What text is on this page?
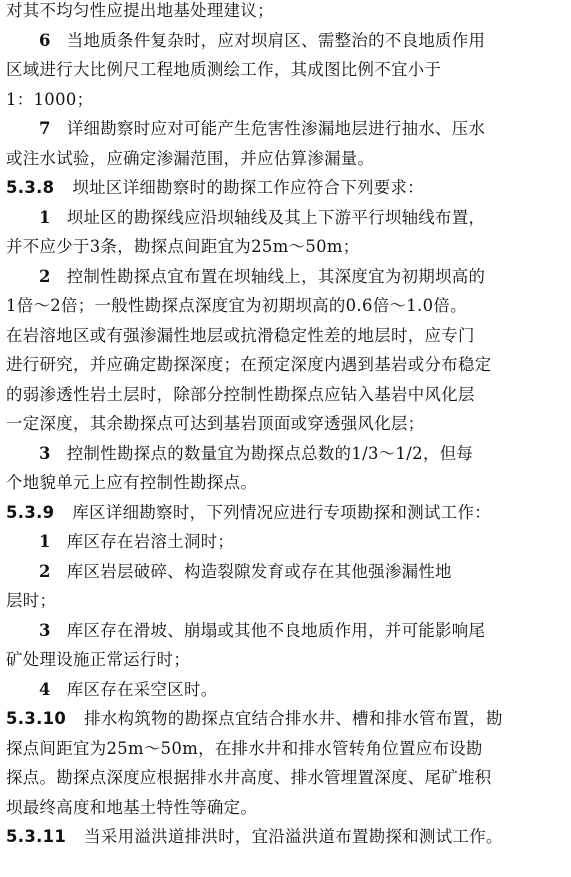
对其不均匀性应提出地基处理建议；
6 当地质条件复杂时，应对坝肩区、需整治的不良地质作用
区域进行大比例尺工程地质测绘工作，其成图比例不宜小于
1：1000；
7 详细勘察时应对可能产生危害性渗漏地层进行抽水、压水
或注水试验，应确定渗漏范围，并应估算渗漏量。
5.3.8 坝址区详细勘察时的勘探工作应符合下列要求：
1 坝址区的勘探线应沿坝轴线及其上下游平行坝轴线布置，
并不应少于3条，勘探点间距宜为25m～50m；
2 控制性勘探点宜布置在坝轴线上，其深度宜为初期坝高的
1倍～2倍；一般性勘探点深度宜为初期坝高的0.6倍～1.0倍。
在岩溶地区或有强渗漏性地层或抗滑稳定性差的地层时，应专门
进行研究，并应确定勘探深度；在预定深度内遇到基岩或分布稳定
的弱渗透性岩土层时，除部分控制性勘探点应钻入基岩中风化层
一定深度，其余勘探点可达到基岩顶面或穿透强风化层；
3 控制性勘探点的数量宜为勘探点总数的1/3～1/2，但每
个地貌单元上应有控制性勘探点。
5.3.9 库区详细勘察时，下列情况应进行专项勘探和测试工作：
1 库区存在岩溶土洞时；
2 库区岩层破碎、构造裂隙发育或存在其他强渗漏性地
层时；
3 库区存在滑坡、崩塌或其他不良地质作用，并可能影响尾
矿处理设施正常运行时；
4 库区存在采空区时。
5.3.10 排水构筑物的勘探点宜结合排水井、槽和排水管布置，勘
探点间距宜为25m～50m，在排水井和排水管转角位置应布设勘
探点。勘探点深度应根据排水井高度、排水管埋置深度、尾矿堆积
坝最终高度和地基土特性等确定。
5.3.11 当采用溢洪道排洪时，宜沿溢洪道布置勘探和测试工作。
